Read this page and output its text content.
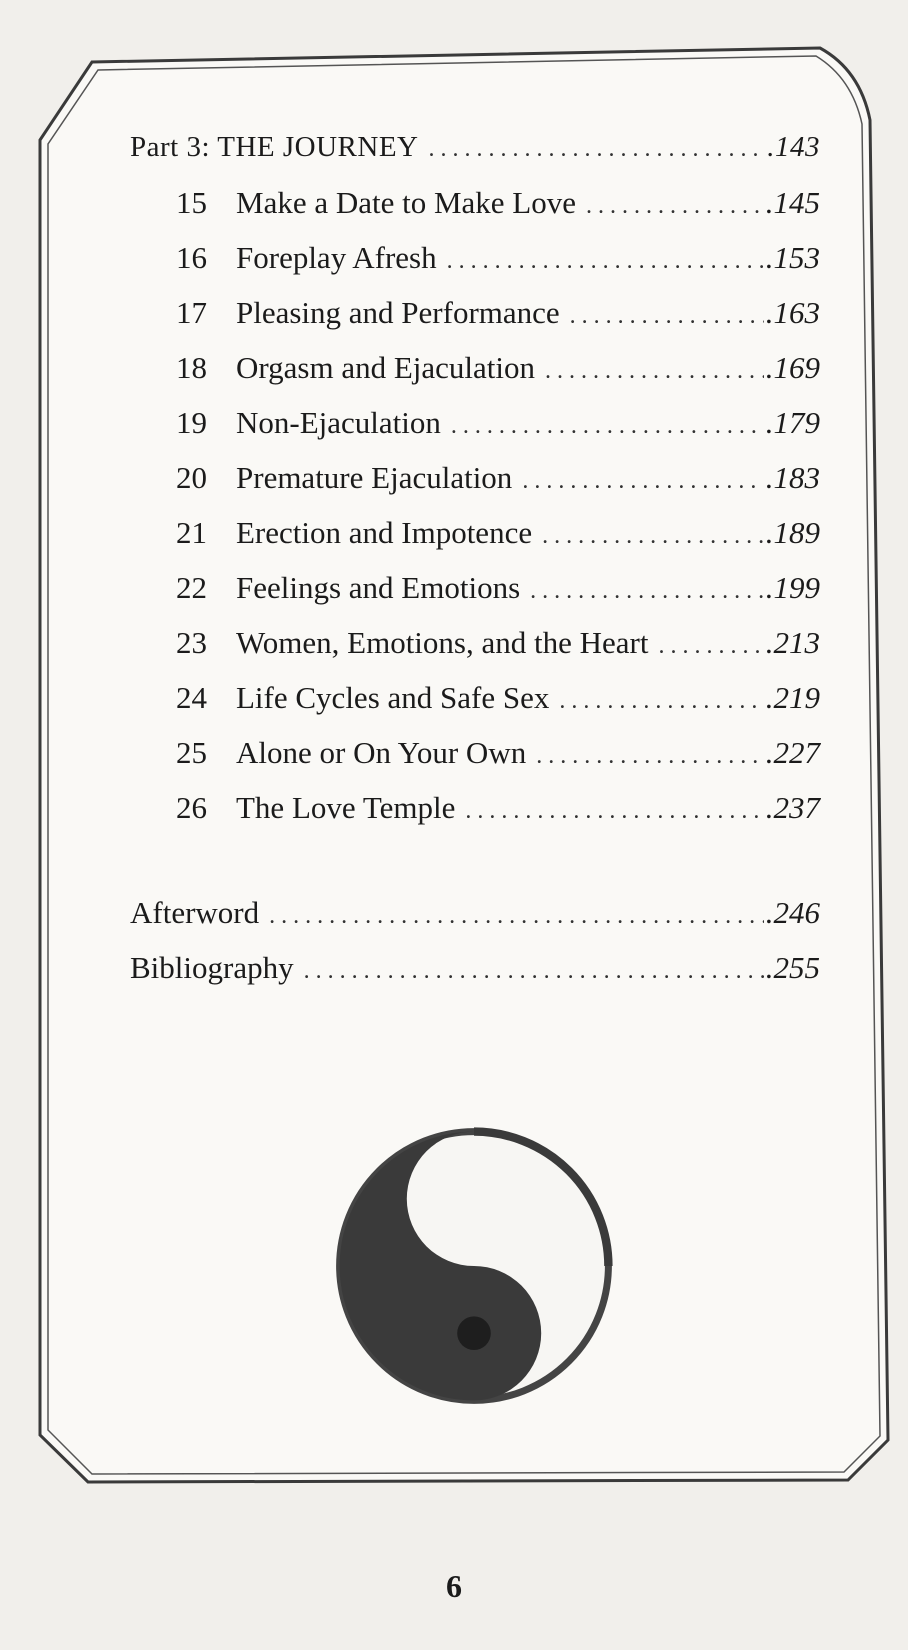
Part 3: THE JOURNEY . . .	.143
15 Make a Date to Make Love . . .	.145
16 Foreplay Afresh . . .	.153
17 Pleasing and Performance . . .	.163
18 Orgasm and Ejaculation . . .	.169
19 Non-Ejaculation . . .	.179
20 Premature Ejaculation . . .	.183
21 Erection and Impotence . . .	.189
22 Feelings and Emotions . . .	.199
23 Women, Emotions, and the Heart . . .	.213
24 Life Cycles and Safe Sex . . .	.219
25 Alone or On Your Own . . .	.227
26 The Love Temple . . .	.237
Afterword . . .	.246
Bibliography . . .	.255
6
